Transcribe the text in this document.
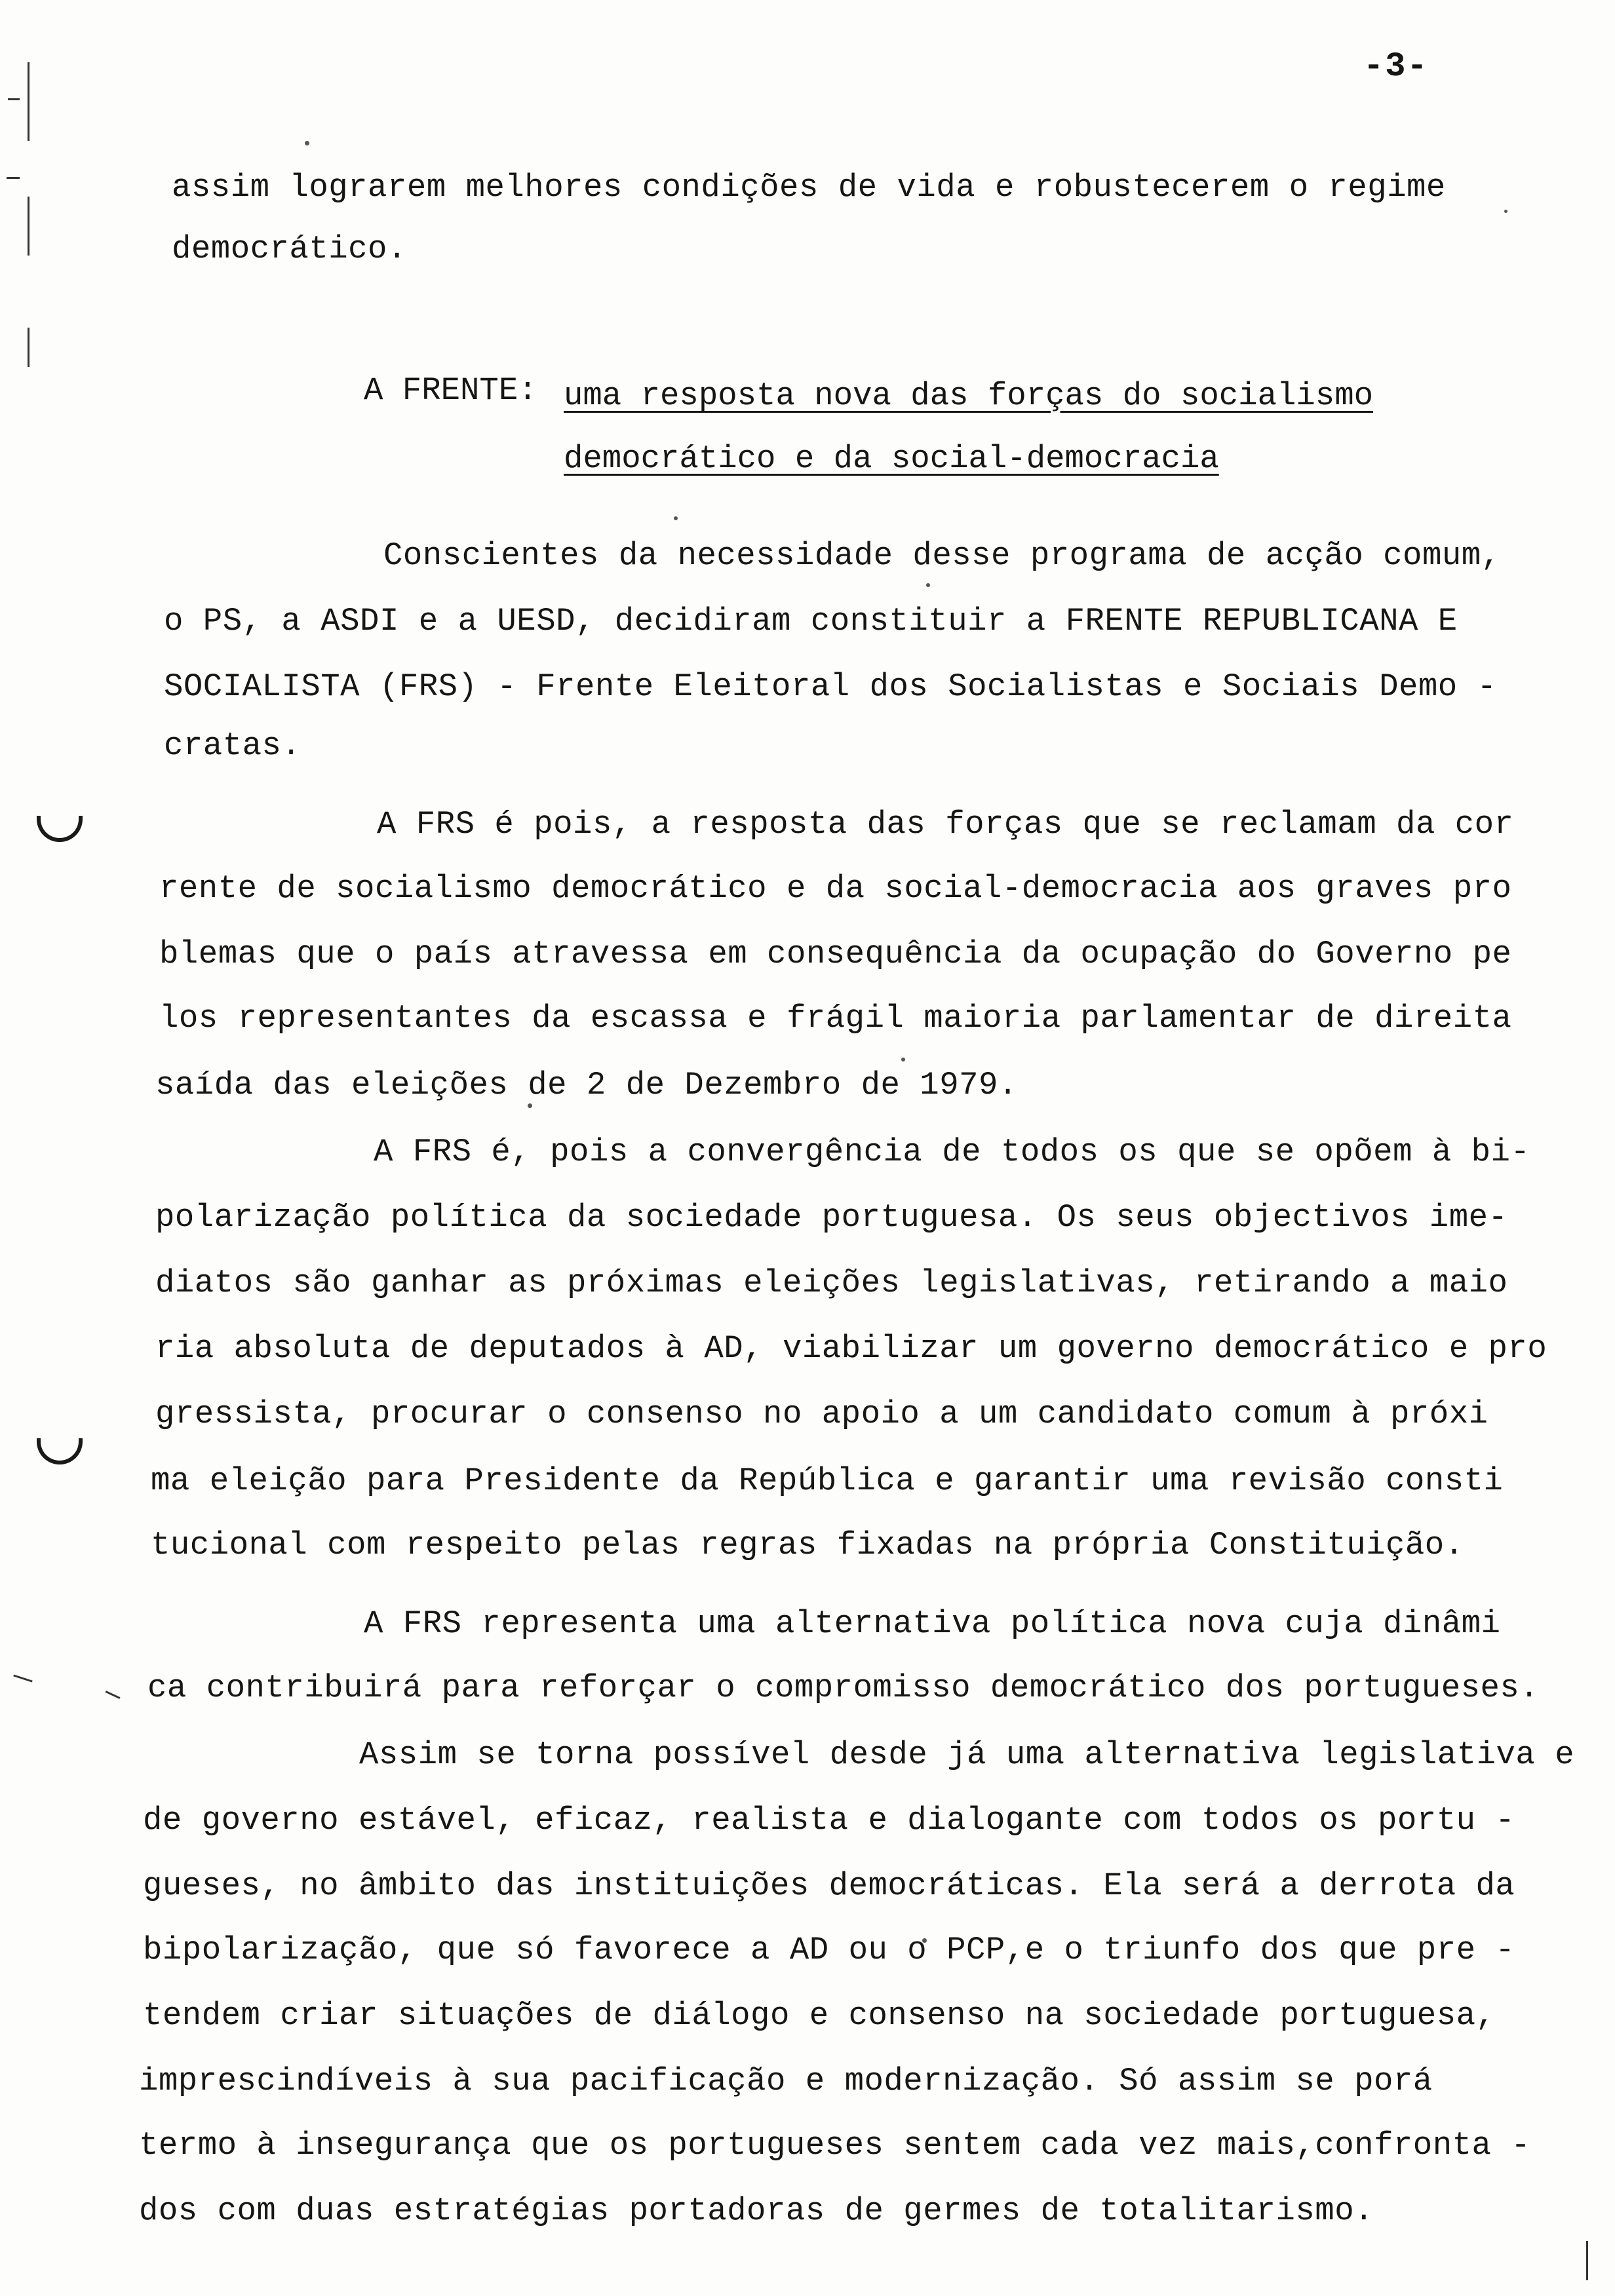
-3-
assim lograrem melhores condições de vida e robustecerem o regime
democrático.
A FRENTE: uma resposta nova das forças do socialismo
democrático e da social-democracia
Conscientes da necessidade desse programa de acção comum,
o PS, a ASDI e a UESD, decidiram constituir a FRENTE REPUBLICANA E
SOCIALISTA (FRS) - Frente Eleitoral dos Socialistas e Sociais Demo -
cratas.
A FRS é pois, a resposta das forças que se reclamam da cor
rente de socialismo democrático e da social-democracia aos graves pro
blemas que o país atravessa em consequência da ocupação do Governo pe
los representantes da escassa e frágil maioria parlamentar de direita
saída das eleições de 2 de Dezembro de 1979.
A FRS é, pois a convergência de todos os que se opõem à bi-
polarização política da sociedade portuguesa. Os seus objectivos ime-
diatos são ganhar as próximas eleições legislativas, retirando a maio
ria absoluta de deputados à AD, viabilizar um governo democrático e pro
gressista, procurar o consenso no apoio a um candidato comum à próxi
ma eleição para Presidente da República e garantir uma revisão consti
tucional com respeito pelas regras fixadas na própria Constituição.
A FRS representa uma alternativa política nova cuja dinâmi
ca contribuirá para reforçar o compromisso democrático dos portugueses.
Assim se torna possível desde já uma alternativa legislativa e
de governo estável, eficaz, realista e dialogante com todos os portu -
gueses, no âmbito das instituições democráticas. Ela será a derrota da
bipolarização, que só favorece a AD ou o PCP,e o triunfo dos que pre -
tendem criar situações de diálogo e consenso na sociedade portuguesa,
imprescindíveis à sua pacificação e modernização. Só assim se porá
termo à insegurança que os portugueses sentem cada vez mais,confronta -
dos com duas estratégias portadoras de germes de totalitarismo.
